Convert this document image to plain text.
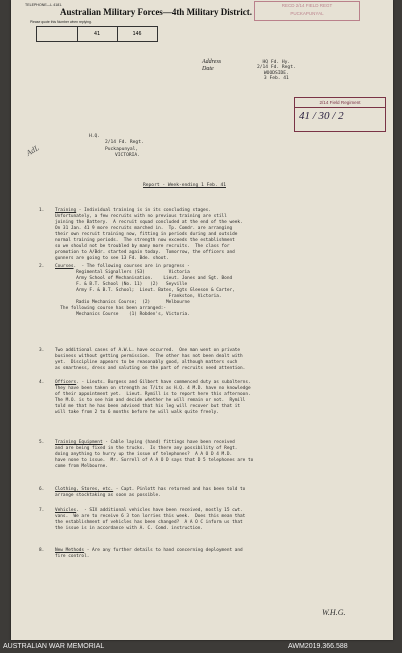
TELEPHONE—L 4181.
Australian Military Forces—4th Military District.
Please quote this Number when replying.
41	146
RECD 2/14 FIELD REGT
PUCKAPUNYAL
Address
Date
HQ Fd. Hy.
2/14 Fd. Regt.
WOODSIDE.
3 Feb. 41
2/14 Field Regiment
41 / 30 / 2
AdL
H.Q.
2/14 Fd. Regt.
Puckapunyal,
VICTORIA.
Report - Week-ending 1 Feb. 41
1. Training - Individual training is in its concluding stages.
Unfortunately, a few recruits with no previous training are still
joining the Battery.  A recruit squad concluded at the end of the week.
On 31 Jan. 41 9 more recruits marched in.  Tp. Comdr. are arranging
their own recruit training now, fitting in periods during and outside
normal training periods.  The strength now exceeds the establishment
so we should not be troubled by many more recruits.  The class for
promotion to A/Bdr. started again today.  Tomorrow, the officers and
gunners are going to see 13 Fd. Bde. shoot.
2. Courses.  - The following courses are in progress -
Regimental Signallers (S3)         Victoria
Army School of Mechanisation.    Lieut. Jones and Sgt. Bond
F. & B.T. School (No. 11)   (2)   Seyville
Army F. & B.T. School;  Lieut. Bates, Sgts Gleeson & Carter,
Frankston, Victoria.
Radio Mechanics Course;  (2)      Melbourne
The following course has been arranged:-
Mechanics Course    (1) Robden's, Victoria.
3. Two additional cases of A.W.L. have occurred.  One man went on private
business without getting permission.  The other has not been dealt with
yet.  Discipline appears to be reasonably good, although matters such
as smartness, dress and saluting on the part of recruits need attention.
4. Officers. - Lieuts. Burgess and Gilbert have commenced duty as subalterns.
They have been taken on strength as T/Lts as H.Q. 4 M.D. have no knowledge
of their appointment yet.  Lieut. Rymill is to report here this afternoon.
The M.O. is to see him and decide whether he will remain or not.  Rymill
told me that he has been advised that his leg will recover but that it
will take from 2 to 6 months before he will walk quite freely.
5. Training Equipment - Cable laying (hand) fittings have been received
and are being fixed in the trucks.  Is there any possibility of Regt.
doing anything to hurry up the issue of telephones?  A A O D 4 M.D.
have none to issue.  Mr. Sorrell of A A O D says that D 5 telephones are to
come from Melbourne.
6. Clothing, Stores, etc. - Capt. Pinlott has returned and has been told to
arrange stocktaking as soon as possible.
7. Vehicles.  - SIX additional vehicles have been received, mostly 15 cwt.
vans.  We are to receive 6 3 ton lorries this week.  Does this mean that
the establishment of vehicles has been changed?  A A O C inform us that
the issue is in accordance with A. C. Comd. instruction.
8. New Methods - Are any further details to hand concerning deployment and
fire control.
W.H.G.
AUSTRALIAN WAR MEMORIAL	AWM2019.366.588
